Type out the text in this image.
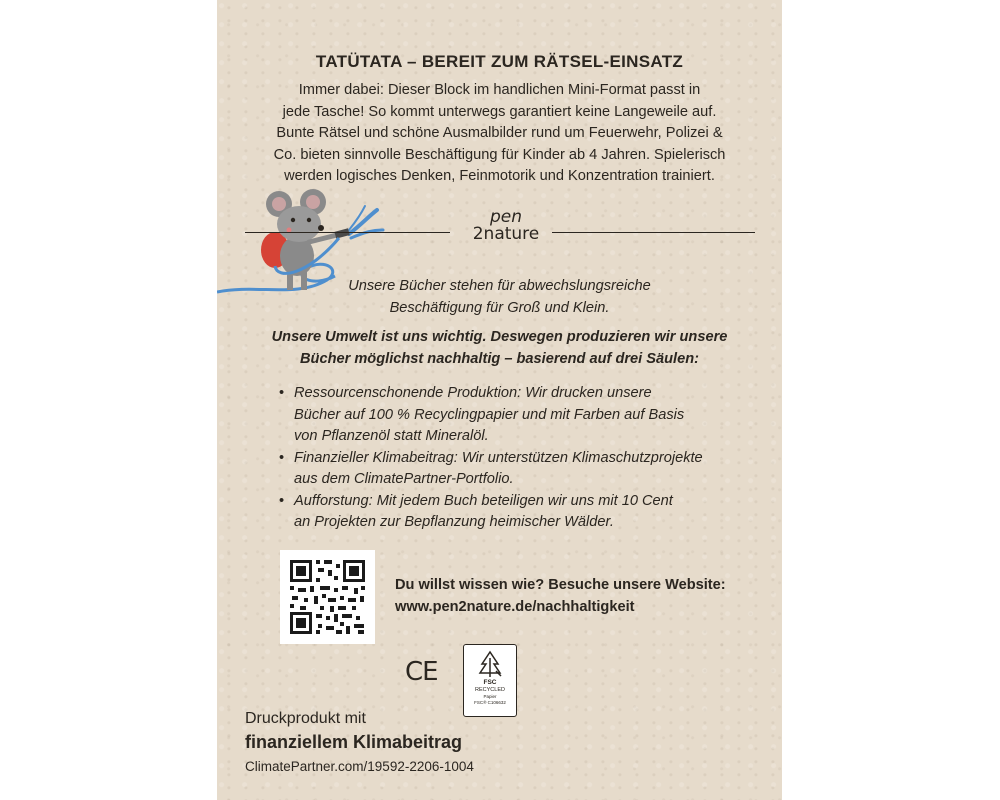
TATÜTATA – BEREIT ZUM RÄTSEL-EINSATZ
Immer dabei: Dieser Block im handlichen Mini-Format passt in
jede Tasche! So kommt unterwegs garantiert keine Langeweile auf.
Bunte Rätsel und schöne Ausmalbilder rund um Feuerwehr, Polizei &
Co. bieten sinnvolle Beschäftigung für Kinder ab 4 Jahren. Spielerisch
werden logisches Denken, Feinmotorik und Konzentration trainiert.
pen
2nature
Unsere Bücher stehen für abwechslungsreiche
Beschäftigung für Groß und Klein.
Unsere Umwelt ist uns wichtig. Deswegen produzieren wir unsere
Bücher möglichst nachhaltig – basierend auf drei Säulen:
• Ressourcenschonende Produktion: Wir drucken unsere
Bücher auf 100 % Recyclingpapier und mit Farben auf Basis
von Pflanzenöl statt Mineralöl.
• Finanzieller Klimabeitrag: Wir unterstützen Klimaschutzprojekte
aus dem ClimatePartner-Portfolio.
• Aufforstung: Mit jedem Buch beteiligen wir uns mit 10 Cent
an Projekten zur Bepflanzung heimischer Wälder.
Du willst wissen wie? Besuche unsere Website:
www.pen2nature.de/nachhaltigkeit
CE	FSC
RECYCLED
Papier
FSC® C106632
Druckprodukt mit
finanziellem Klimabeitrag
ClimatePartner.com/19592-2206-1004
